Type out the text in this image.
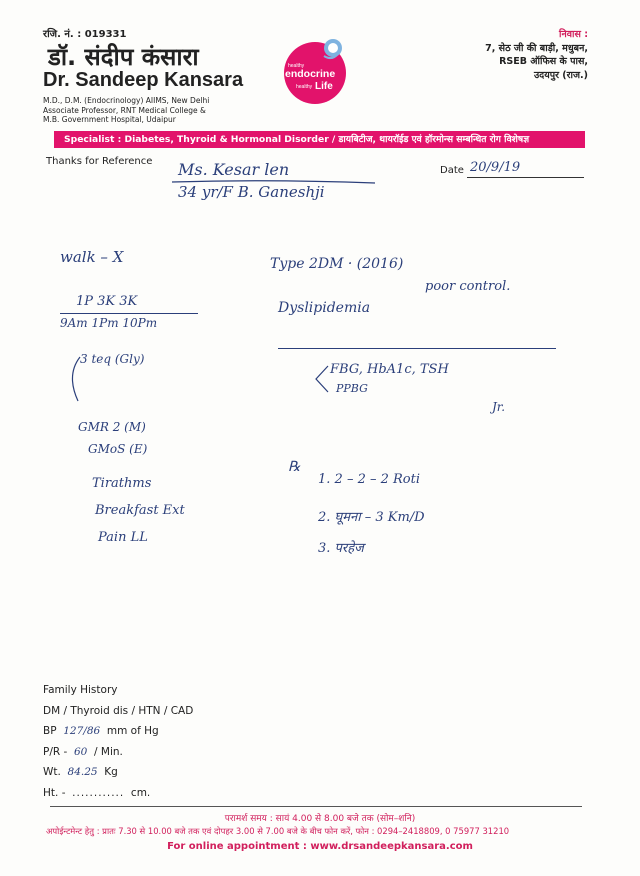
रजि. नं. : 019331
डॉ. संदीप कंसारा
Dr. Sandeep Kansara
M.D., D.M. (Endocrinology) AIIMS, New Delhi
Associate Professor, RNT Medical College &
M.B. Government Hospital, Udaipur
healthy
endocrine
healthy Life
निवास :
7, सेठ जी की बाड़ी, मधुबन,
RSEB ऑफिस के पास,
उदयपुर (राज.)
Specialist : Diabetes, Thyroid & Hormonal Disorder / डायबिटीज, थायरॉईड एवं हॉरमोन्स सम्बन्धित रोग विशेषज्ञ
Thanks for Reference
Date 20/9/19
Ms. Kesar len
34 yr/F B. Ganeshji
walk – X
1P 3K 3K
9Am 1Pm 10Pm
3 teq (Gly)
GMR 2 (M)
GMoS (E)
Tirathms
Breakfast Ext
Pain LL
Type 2DM · (2016)
poor control.
Dyslipidemia
FBG, HbA1c, TSH
PPBG
Jr.
℞
1. 2 – 2 – 2 Roti
2. घूमना – 3 Km/D
3. परहेज
Family History
DM / Thyroid dis / HTN / CAD
BP 127/86 mm of Hg
P/R - 60 / Min.
Wt. 84.25 Kg
Ht. - ............ cm.
परामर्श समय : सायं 4.00 से 8.00 बजे तक (सोम–शनि)
अपोईन्टमेन्ट हेतु : प्रातः 7.30 से 10.00 बजे तक एवं दोपहर 3.00 से 7.00 बजे के बीच फोन करें, फोन : 0294–2418809, 0 75977 31210
For online appointment : www.drsandeepkansara.com
